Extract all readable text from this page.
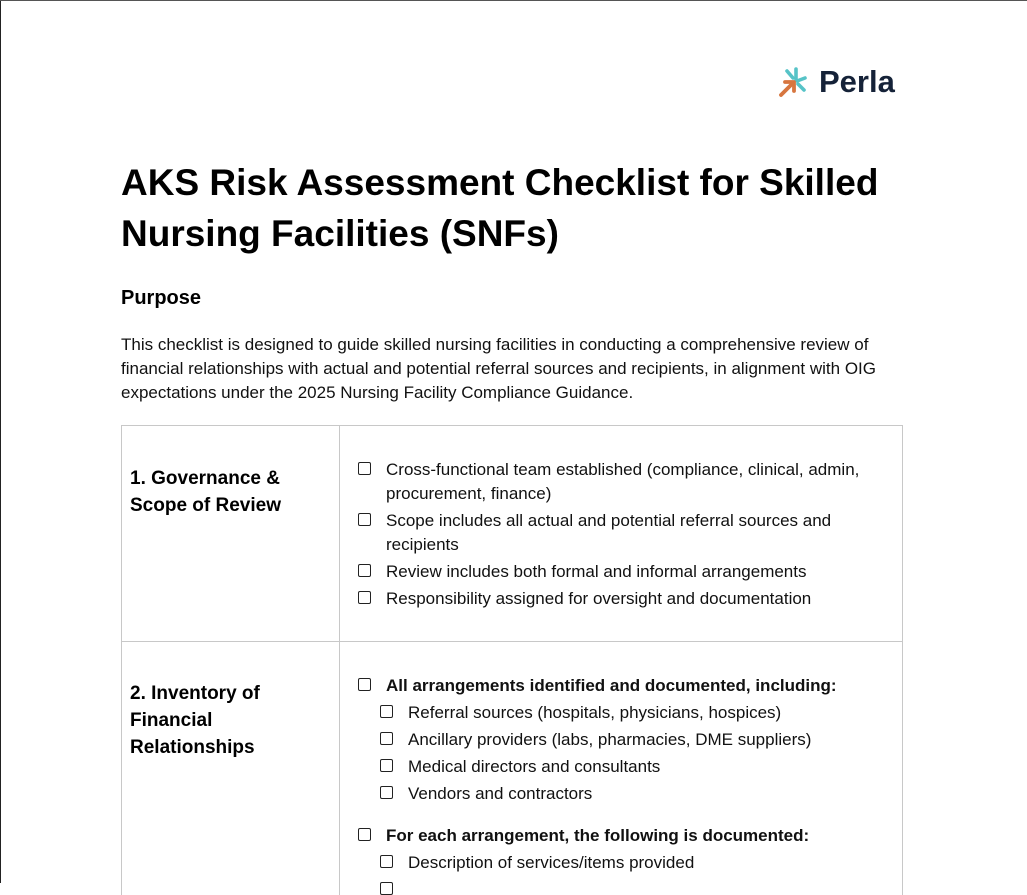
Perla
AKS Risk Assessment Checklist for Skilled Nursing Facilities (SNFs)
Purpose

This checklist is designed to guide skilled nursing facilities in conducting a comprehensive review of financial relationships with actual and potential referral sources and recipients, in alignment with OIG expectations under the 2025 Nursing Facility Compliance Guidance.

1. Governance & Scope of Review
Cross-functional team established (compliance, clinical, admin, procurement, finance)
Scope includes all actual and potential referral sources and recipients
Review includes both formal and informal arrangements
Responsibility assigned for oversight and documentation
2. Inventory of Financial Relationships
All arrangements identified and documented, including:
Referral sources (hospitals, physicians, hospices)
Ancillary providers (labs, pharmacies, DME suppliers)
Medical directors and consultants
Vendors and contractors
For each arrangement, the following is documented:
Description of services/items provided
